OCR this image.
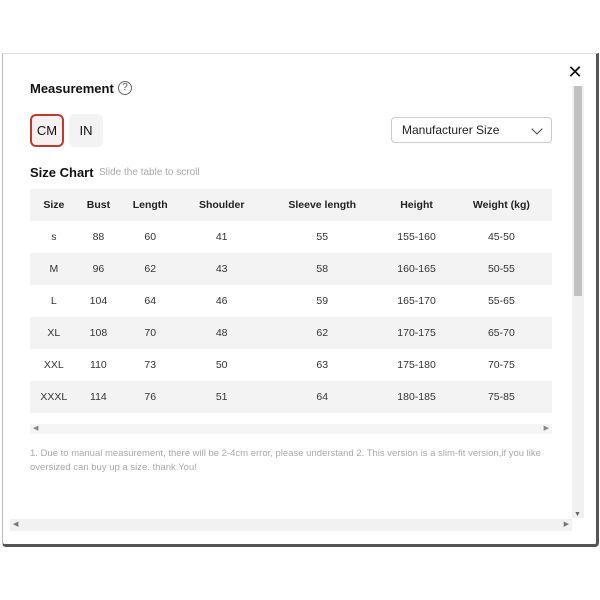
✕
Measurement ?
CM	IN	Manufacturer Size
Size Chart Slide the table to scroll
Size	Bust	Length	Shoulder	Sleeve length	Height	Weight (kg)
s	88	60	41	55	155-160	45-50
M	96	62	43	58	160-165	50-55
L	104	64	46	59	165-170	55-65
XL	108	70	48	62	170-175	65-70
XXL	110	73	50	63	175-180	70-75
XXXL	114	76	51	64	180-185	75-85
◀	▶
1. Due to manual measurement, there will be 2-4cm error, please understand 2. This version is a slim-fit version,if you like oversized can buy up a size. thank You!
▼
◀	▶
